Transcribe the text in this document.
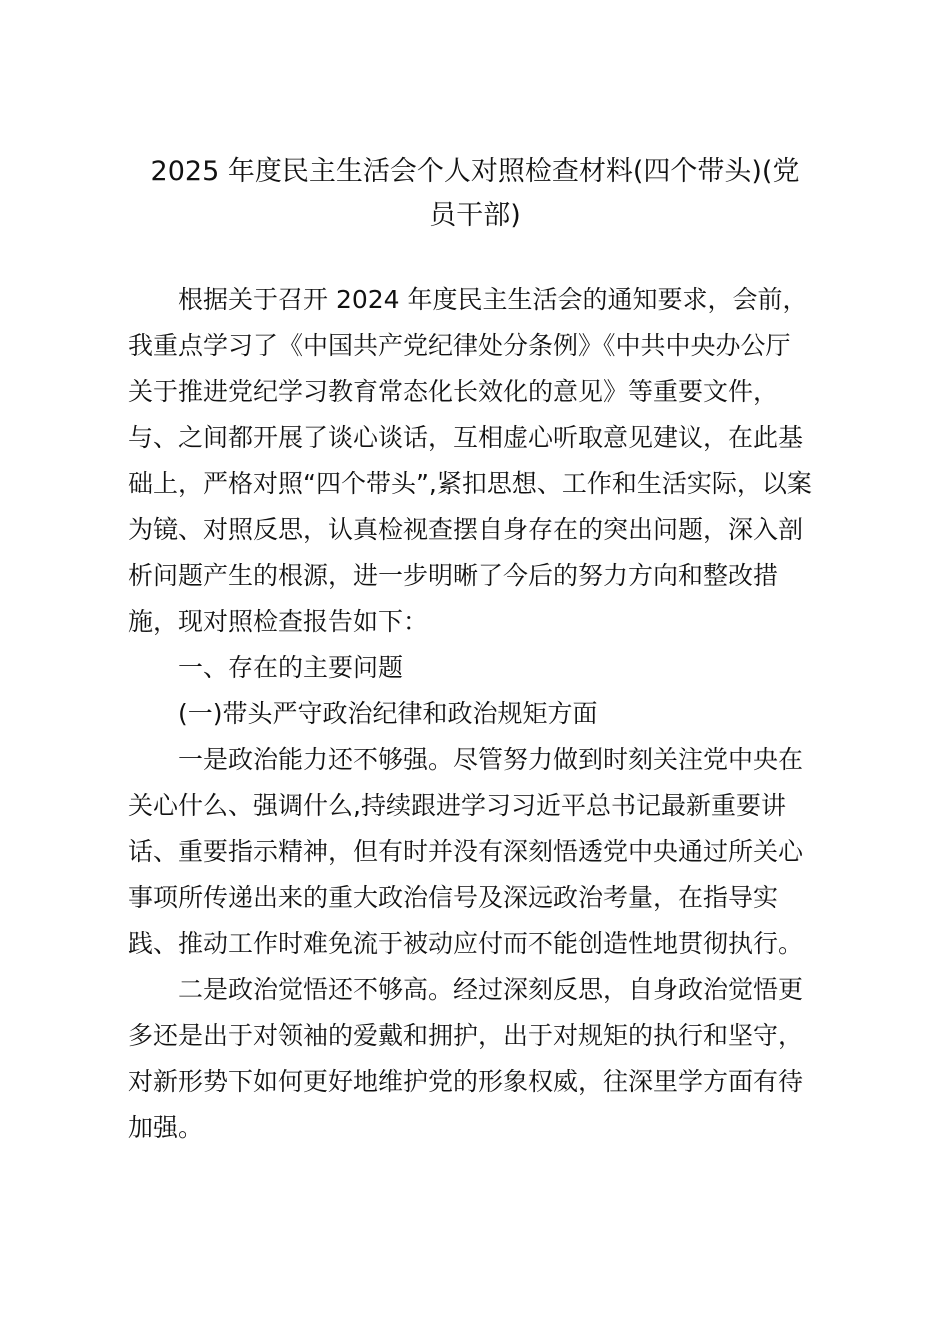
2025 年度民主生活会个人对照检查材料(四个带头)(党
员干部)
根据关于召开 2024 年度民主生活会的通知要求，会前，
我重点学习了《中国共产党纪律处分条例》《中共中央办公厅
关于推进党纪学习教育常态化长效化的意见》等重要文件，
与、之间都开展了谈心谈话，互相虚心听取意见建议，在此基
础上，严格对照“四个带头”,紧扣思想、工作和生活实际，以案
为镜、对照反思，认真检视查摆自身存在的突出问题，深入剖
析问题产生的根源，进一步明晰了今后的努力方向和整改措
施，现对照检查报告如下：
一、存在的主要问题
(一)带头严守政治纪律和政治规矩方面
一是政治能力还不够强。尽管努力做到时刻关注党中央在
关心什么、强调什么,持续跟进学习习近平总书记最新重要讲
话、重要指示精神，但有时并没有深刻悟透党中央通过所关心
事项所传递出来的重大政治信号及深远政治考量，在指导实
践、推动工作时难免流于被动应付而不能创造性地贯彻执行。
二是政治觉悟还不够高。经过深刻反思，自身政治觉悟更
多还是出于对领袖的爱戴和拥护，出于对规矩的执行和坚守，
对新形势下如何更好地维护党的形象权威，往深里学方面有待
加强。
